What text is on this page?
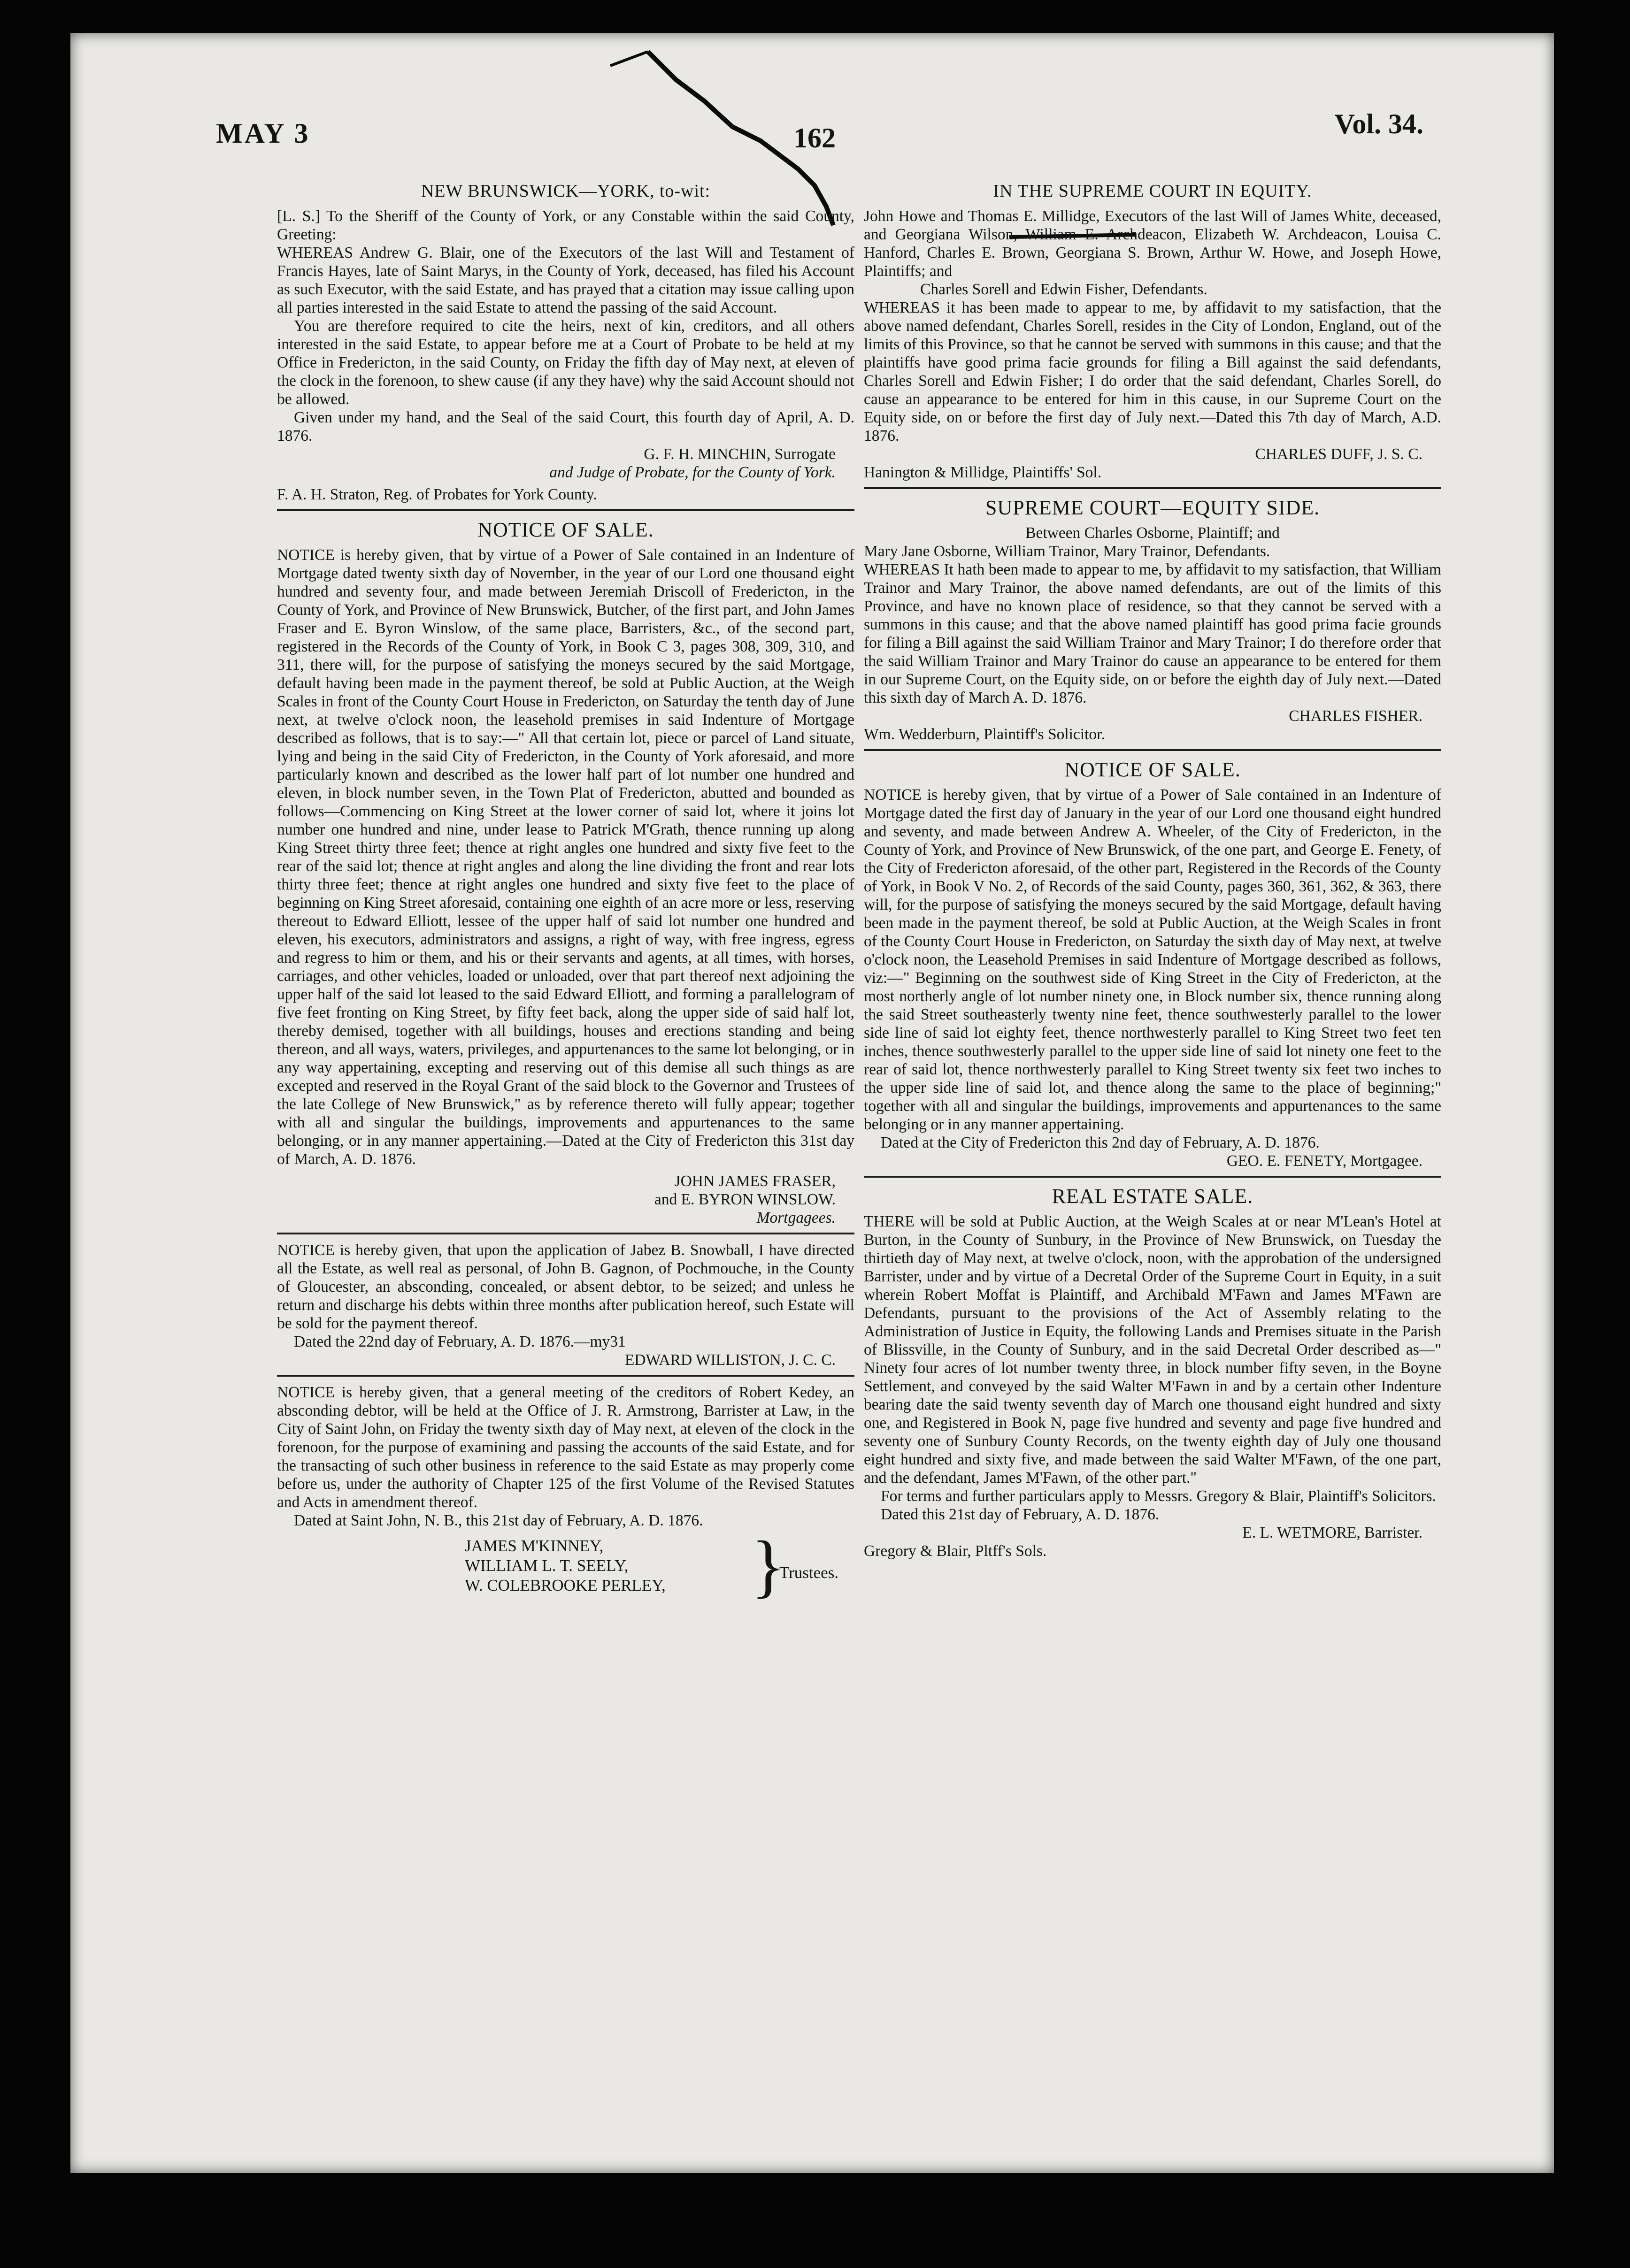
MAY 3	162	Vol. 34.
NEW BRUNSWICK—YORK, to-wit:

[L. S.] To the Sheriff of the County of York, or any Constable within the said County, Greeting:

WHEREAS Andrew G. Blair, one of the Executors of the last Will and Testament of Francis Hayes, late of Saint Marys, in the County of York, deceased, has filed his Account as such Executor, with the said Estate, and has prayed that a citation may issue calling upon all parties interested in the said Estate to attend the passing of the said Account.

You are therefore required to cite the heirs, next of kin, creditors, and all others interested in the said Estate, to appear before me at a Court of Probate to be held at my Office in Fredericton, in the said County, on Friday the fifth day of May next, at eleven of the clock in the forenoon, to shew cause (if any they have) why the said Account should not be allowed.

Given under my hand, and the Seal of the said Court, this fourth day of April, A. D. 1876.

G. F. H. MINCHIN, Surrogate
and Judge of Probate, for the County of York.
F. A. H. Straton, Reg. of Probates for York County.
NOTICE OF SALE.

NOTICE is hereby given, that by virtue of a Power of Sale contained in an Indenture of Mortgage dated twenty sixth day of November, in the year of our Lord one thousand eight hundred and seventy four, and made between Jeremiah Driscoll of Fredericton, in the County of York, and Province of New Brunswick, Butcher, of the first part, and John James Fraser and E. Byron Winslow, of the same place, Barristers, &c., of the second part, registered in the Records of the County of York, in Book C 3, pages 308, 309, 310, and 311, there will, for the purpose of satisfying the moneys secured by the said Mortgage, default having been made in the payment thereof, be sold at Public Auction, at the Weigh Scales in front of the County Court House in Fredericton, on Saturday the tenth day of June next, at twelve o'clock noon, the leasehold premises in said Indenture of Mortgage described as follows, that is to say:—" All that certain lot, piece or parcel of Land situate, lying and being in the said City of Fredericton, in the County of York aforesaid, and more particularly known and described as the lower half part of lot number one hundred and eleven, in block number seven, in the Town Plat of Fredericton, abutted and bounded as follows—Commencing on King Street at the lower corner of said lot, where it joins lot number one hundred and nine, under lease to Patrick M'Grath, thence running up along King Street thirty three feet; thence at right angles one hundred and sixty five feet to the rear of the said lot; thence at right angles and along the line dividing the front and rear lots thirty three feet; thence at right angles one hundred and sixty five feet to the place of beginning on King Street aforesaid, containing one eighth of an acre more or less, reserving thereout to Edward Elliott, lessee of the upper half of said lot number one hundred and eleven, his executors, administrators and assigns, a right of way, with free ingress, egress and regress to him or them, and his or their servants and agents, at all times, with horses, carriages, and other vehicles, loaded or unloaded, over that part thereof next adjoining the upper half of the said lot leased to the said Edward Elliott, and forming a parallelogram of five feet fronting on King Street, by fifty feet back, along the upper side of said half lot, thereby demised, together with all buildings, houses and erections standing and being thereon, and all ways, waters, privileges, and appurtenances to the same lot belonging, or in any way appertaining, excepting and reserving out of this demise all such things as are excepted and reserved in the Royal Grant of the said block to the Governor and Trustees of the late College of New Brunswick," as by reference thereto will fully appear; together with all and singular the buildings, improvements and appurtenances to the same belonging, or in any manner appertaining.—Dated at the City of Fredericton this 31st day of March, A. D. 1876.

JOHN JAMES FRASER,
and E. BYRON WINSLOW.
Mortgagees.

NOTICE is hereby given, that upon the application of Jabez B. Snowball, I have directed all the Estate, as well real as personal, of John B. Gagnon, of Pochmouche, in the County of Gloucester, an absconding, concealed, or absent debtor, to be seized; and unless he return and discharge his debts within three months after publication hereof, such Estate will be sold for the payment thereof.

Dated the 22nd day of February, A. D. 1876.—my31

EDWARD WILLISTON, J. C. C.

NOTICE is hereby given, that a general meeting of the creditors of Robert Kedey, an absconding debtor, will be held at the Office of J. R. Armstrong, Barrister at Law, in the City of Saint John, on Friday the twenty sixth day of May next, at eleven of the clock in the forenoon, for the purpose of examining and passing the accounts of the said Estate, and for the transacting of such other business in reference to the said Estate as may properly come before us, under the authority of Chapter 125 of the first Volume of the Revised Statutes and Acts in amendment thereof.

Dated at Saint John, N. B., this 21st day of February, A. D. 1876.

JAMES M'KINNEY,
WILLIAM L. T. SEELY,
W. COLEBROOKE PERLEY, }
Trustees.
IN THE SUPREME COURT IN EQUITY.

John Howe and Thomas E. Millidge, Executors of the last Will of James White, deceased, and Georgiana Wilson, William E. Archdeacon, Elizabeth W. Archdeacon, Louisa C. Hanford, Charles E. Brown, Georgiana S. Brown, Arthur W. Howe, and Joseph Howe, Plaintiffs; and

Charles Sorell and Edwin Fisher, Defendants.

WHEREAS it has been made to appear to me, by affidavit to my satisfaction, that the above named defendant, Charles Sorell, resides in the City of London, England, out of the limits of this Province, so that he cannot be served with summons in this cause; and that the plaintiffs have good prima facie grounds for filing a Bill against the said defendants, Charles Sorell and Edwin Fisher; I do order that the said defendant, Charles Sorell, do cause an appearance to be entered for him in this cause, in our Supreme Court on the Equity side, on or before the first day of July next.—Dated this 7th day of March, A.D. 1876.

CHARLES DUFF, J. S. C.
Hanington & Millidge, Plaintiffs' Sol.
SUPREME COURT—EQUITY SIDE.
Between Charles Osborne, Plaintiff; and
Mary Jane Osborne, William Trainor, Mary Trainor, Defendants.

WHEREAS It hath been made to appear to me, by affidavit to my satisfaction, that William Trainor and Mary Trainor, the above named defendants, are out of the limits of this Province, and have no known place of residence, so that they cannot be served with a summons in this cause; and that the above named plaintiff has good prima facie grounds for filing a Bill against the said William Trainor and Mary Trainor; I do therefore order that the said William Trainor and Mary Trainor do cause an appearance to be entered for them in our Supreme Court, on the Equity side, on or before the eighth day of July next.—Dated this sixth day of March A. D. 1876.

CHARLES FISHER.
Wm. Wedderburn, Plaintiff's Solicitor.
NOTICE OF SALE.

NOTICE is hereby given, that by virtue of a Power of Sale contained in an Indenture of Mortgage dated the first day of January in the year of our Lord one thousand eight hundred and seventy, and made between Andrew A. Wheeler, of the City of Fredericton, in the County of York, and Province of New Brunswick, of the one part, and George E. Fenety, of the City of Fredericton aforesaid, of the other part, Registered in the Records of the County of York, in Book V No. 2, of Records of the said County, pages 360, 361, 362, & 363, there will, for the purpose of satisfying the moneys secured by the said Mortgage, default having been made in the payment thereof, be sold at Public Auction, at the Weigh Scales in front of the County Court House in Fredericton, on Saturday the sixth day of May next, at twelve o'clock noon, the Leasehold Premises in said Indenture of Mortgage described as follows, viz:—" Beginning on the southwest side of King Street in the City of Fredericton, at the most northerly angle of lot number ninety one, in Block number six, thence running along the said Street southeasterly twenty nine feet, thence southwesterly parallel to the lower side line of said lot eighty feet, thence northwesterly parallel to King Street two feet ten inches, thence southwesterly parallel to the upper side line of said lot ninety one feet to the rear of said lot, thence northwesterly parallel to King Street twenty six feet two inches to the upper side line of said lot, and thence along the same to the place of beginning;" together with all and singular the buildings, improvements and appurtenances to the same belonging or in any manner appertaining.

Dated at the City of Fredericton this 2nd day of February, A. D. 1876.

GEO. E. FENETY, Mortgagee.
REAL ESTATE SALE.

THERE will be sold at Public Auction, at the Weigh Scales at or near M'Lean's Hotel at Burton, in the County of Sunbury, in the Province of New Brunswick, on Tuesday the thirtieth day of May next, at twelve o'clock, noon, with the approbation of the undersigned Barrister, under and by virtue of a Decretal Order of the Supreme Court in Equity, in a suit wherein Robert Moffat is Plaintiff, and Archibald M'Fawn and James M'Fawn are Defendants, pursuant to the provisions of the Act of Assembly relating to the Administration of Justice in Equity, the following Lands and Premises situate in the Parish of Blissville, in the County of Sunbury, and in the said Decretal Order described as—" Ninety four acres of lot number twenty three, in block number fifty seven, in the Boyne Settlement, and conveyed by the said Walter M'Fawn in and by a certain other Indenture bearing date the said twenty seventh day of March one thousand eight hundred and sixty one, and Registered in Book N, page five hundred and seventy and page five hundred and seventy one of Sunbury County Records, on the twenty eighth day of July one thousand eight hundred and sixty five, and made between the said Walter M'Fawn, of the one part, and the defendant, James M'Fawn, of the other part."

For terms and further particulars apply to Messrs. Gregory & Blair, Plaintiff's Solicitors.

Dated this 21st day of February, A. D. 1876.

E. L. WETMORE, Barrister.
Gregory & Blair, Pltff's Sols.
